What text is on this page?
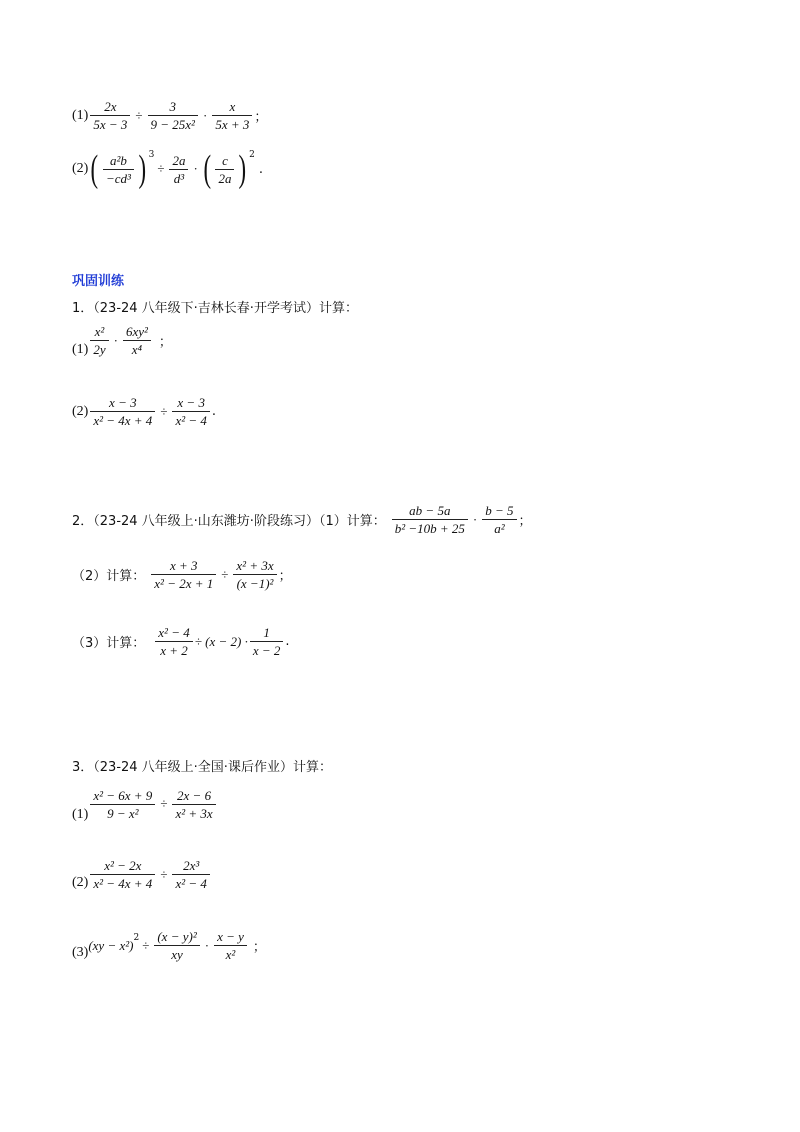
$(1) \frac{2x}{5x - 3} \div \frac{3}{\text{9 − 25x²}} \cdot \frac{x}{5x + 3}$ ；
(2) ( $\frac{\text{a²b}}{\text{−cd³}}$ ) 3
÷ $\frac{2a}{\text{d³}}$ · ( $\frac{c}{2a}$ ) 2
.
巩固训练
1．（23-24 八年级下·吉林长春·开学考试）计算：
$(1) \frac{\text{x²}}{2y} \cdot \frac{\text{6xy²}}{\text{x⁴}}$ ；
$(2) \frac{x - 3}{\text{x² − 4x + 4}} \div \frac{x - 3}{\text{x² − 4}}$ .
2．（23-24 八年级上·山东潍坊·阶段练习）（1）计算： $\frac{ab - 5a}{\text{b² −10b + 25}} \cdot \frac{b - 5}{\text{a²}}$ ；
（2）计算： $\frac{x + 3}{\text{x² − 2x + 1}} \div \frac{\text{x² + 3x}}{\text{(x −1)²}}$ ；
（3）计算： $\frac{\text{x² − 4}}{x + 2} \div (x - 2) \cdot \frac{1}{x - 2}$ .
3．（23-24 八年级上·全国·课后作业）计算：
$(1) \frac{\text{x² − 6x + 9}}{\text{9 − x²}} \div \frac{2x - 6}{\text{x² + 3x}}$
$(2) \frac{\text{x² − 2x}}{\text{x² − 4x + 4}} \div \frac{\text{2x³}}{\text{x² − 4}}$
(3) (xy − x²) $2 \div \frac{\text{(x − y)²}}{xy} \cdot \frac{x - y}{\text{x²}}$ ；
